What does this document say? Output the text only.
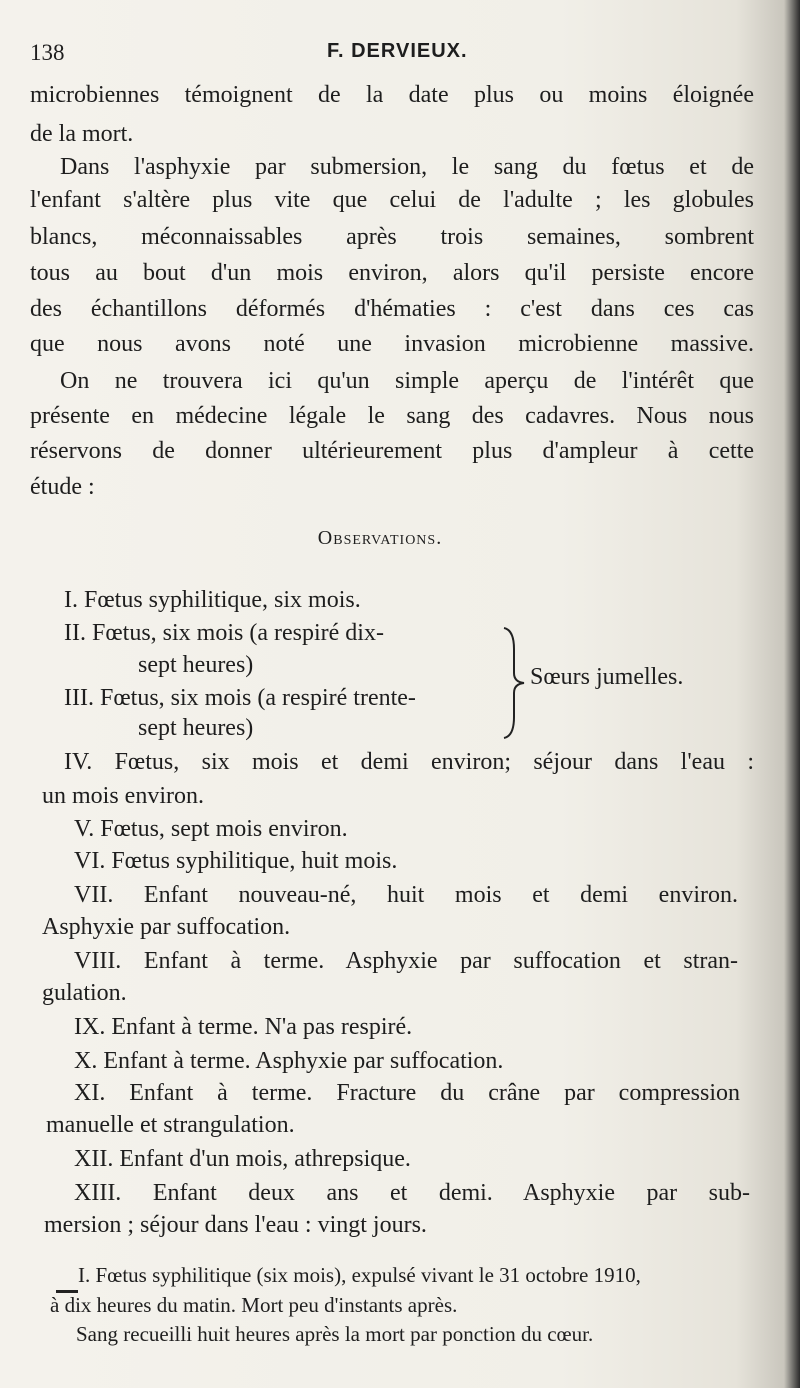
138	F. DERVIEUX.
microbiennes témoignent de la date plus ou moins éloignée
de la mort.
Dans l'asphyxie par submersion, le sang du fœtus et de
l'enfant s'altère plus vite que celui de l'adulte ; les globules
blancs, méconnaissables après trois semaines, sombrent
tous au bout d'un mois environ, alors qu'il persiste encore
des échantillons déformés d'hématies : c'est dans ces cas
que nous avons noté une invasion microbienne massive.
On ne trouvera ici qu'un simple aperçu de l'intérêt que
présente en médecine légale le sang des cadavres. Nous nous
réservons de donner ultérieurement plus d'ampleur à cette
étude :
Observations.
I. Fœtus syphilitique, six mois.
II. Fœtus, six mois (a respiré dix-
sept heures)
III. Fœtus, six mois (a respiré trente-
sept heures)
Sœurs jumelles.
IV. Fœtus, six mois et demi environ; séjour dans l'eau :
un mois environ.
V. Fœtus, sept mois environ.
VI. Fœtus syphilitique, huit mois.
VII. Enfant nouveau-né, huit mois et demi environ.
Asphyxie par suffocation.
VIII. Enfant à terme. Asphyxie par suffocation et stran-
gulation.
IX. Enfant à terme. N'a pas respiré.
X. Enfant à terme. Asphyxie par suffocation.
XI. Enfant à terme. Fracture du crâne par compression
manuelle et strangulation.
XII. Enfant d'un mois, athrepsique.
XIII. Enfant deux ans et demi. Asphyxie par sub-
mersion ; séjour dans l'eau : vingt jours.
I. Fœtus syphilitique (six mois), expulsé vivant le 31 octobre 1910,
à dix heures du matin. Mort peu d'instants après.
Sang recueilli huit heures après la mort par ponction du cœur.
